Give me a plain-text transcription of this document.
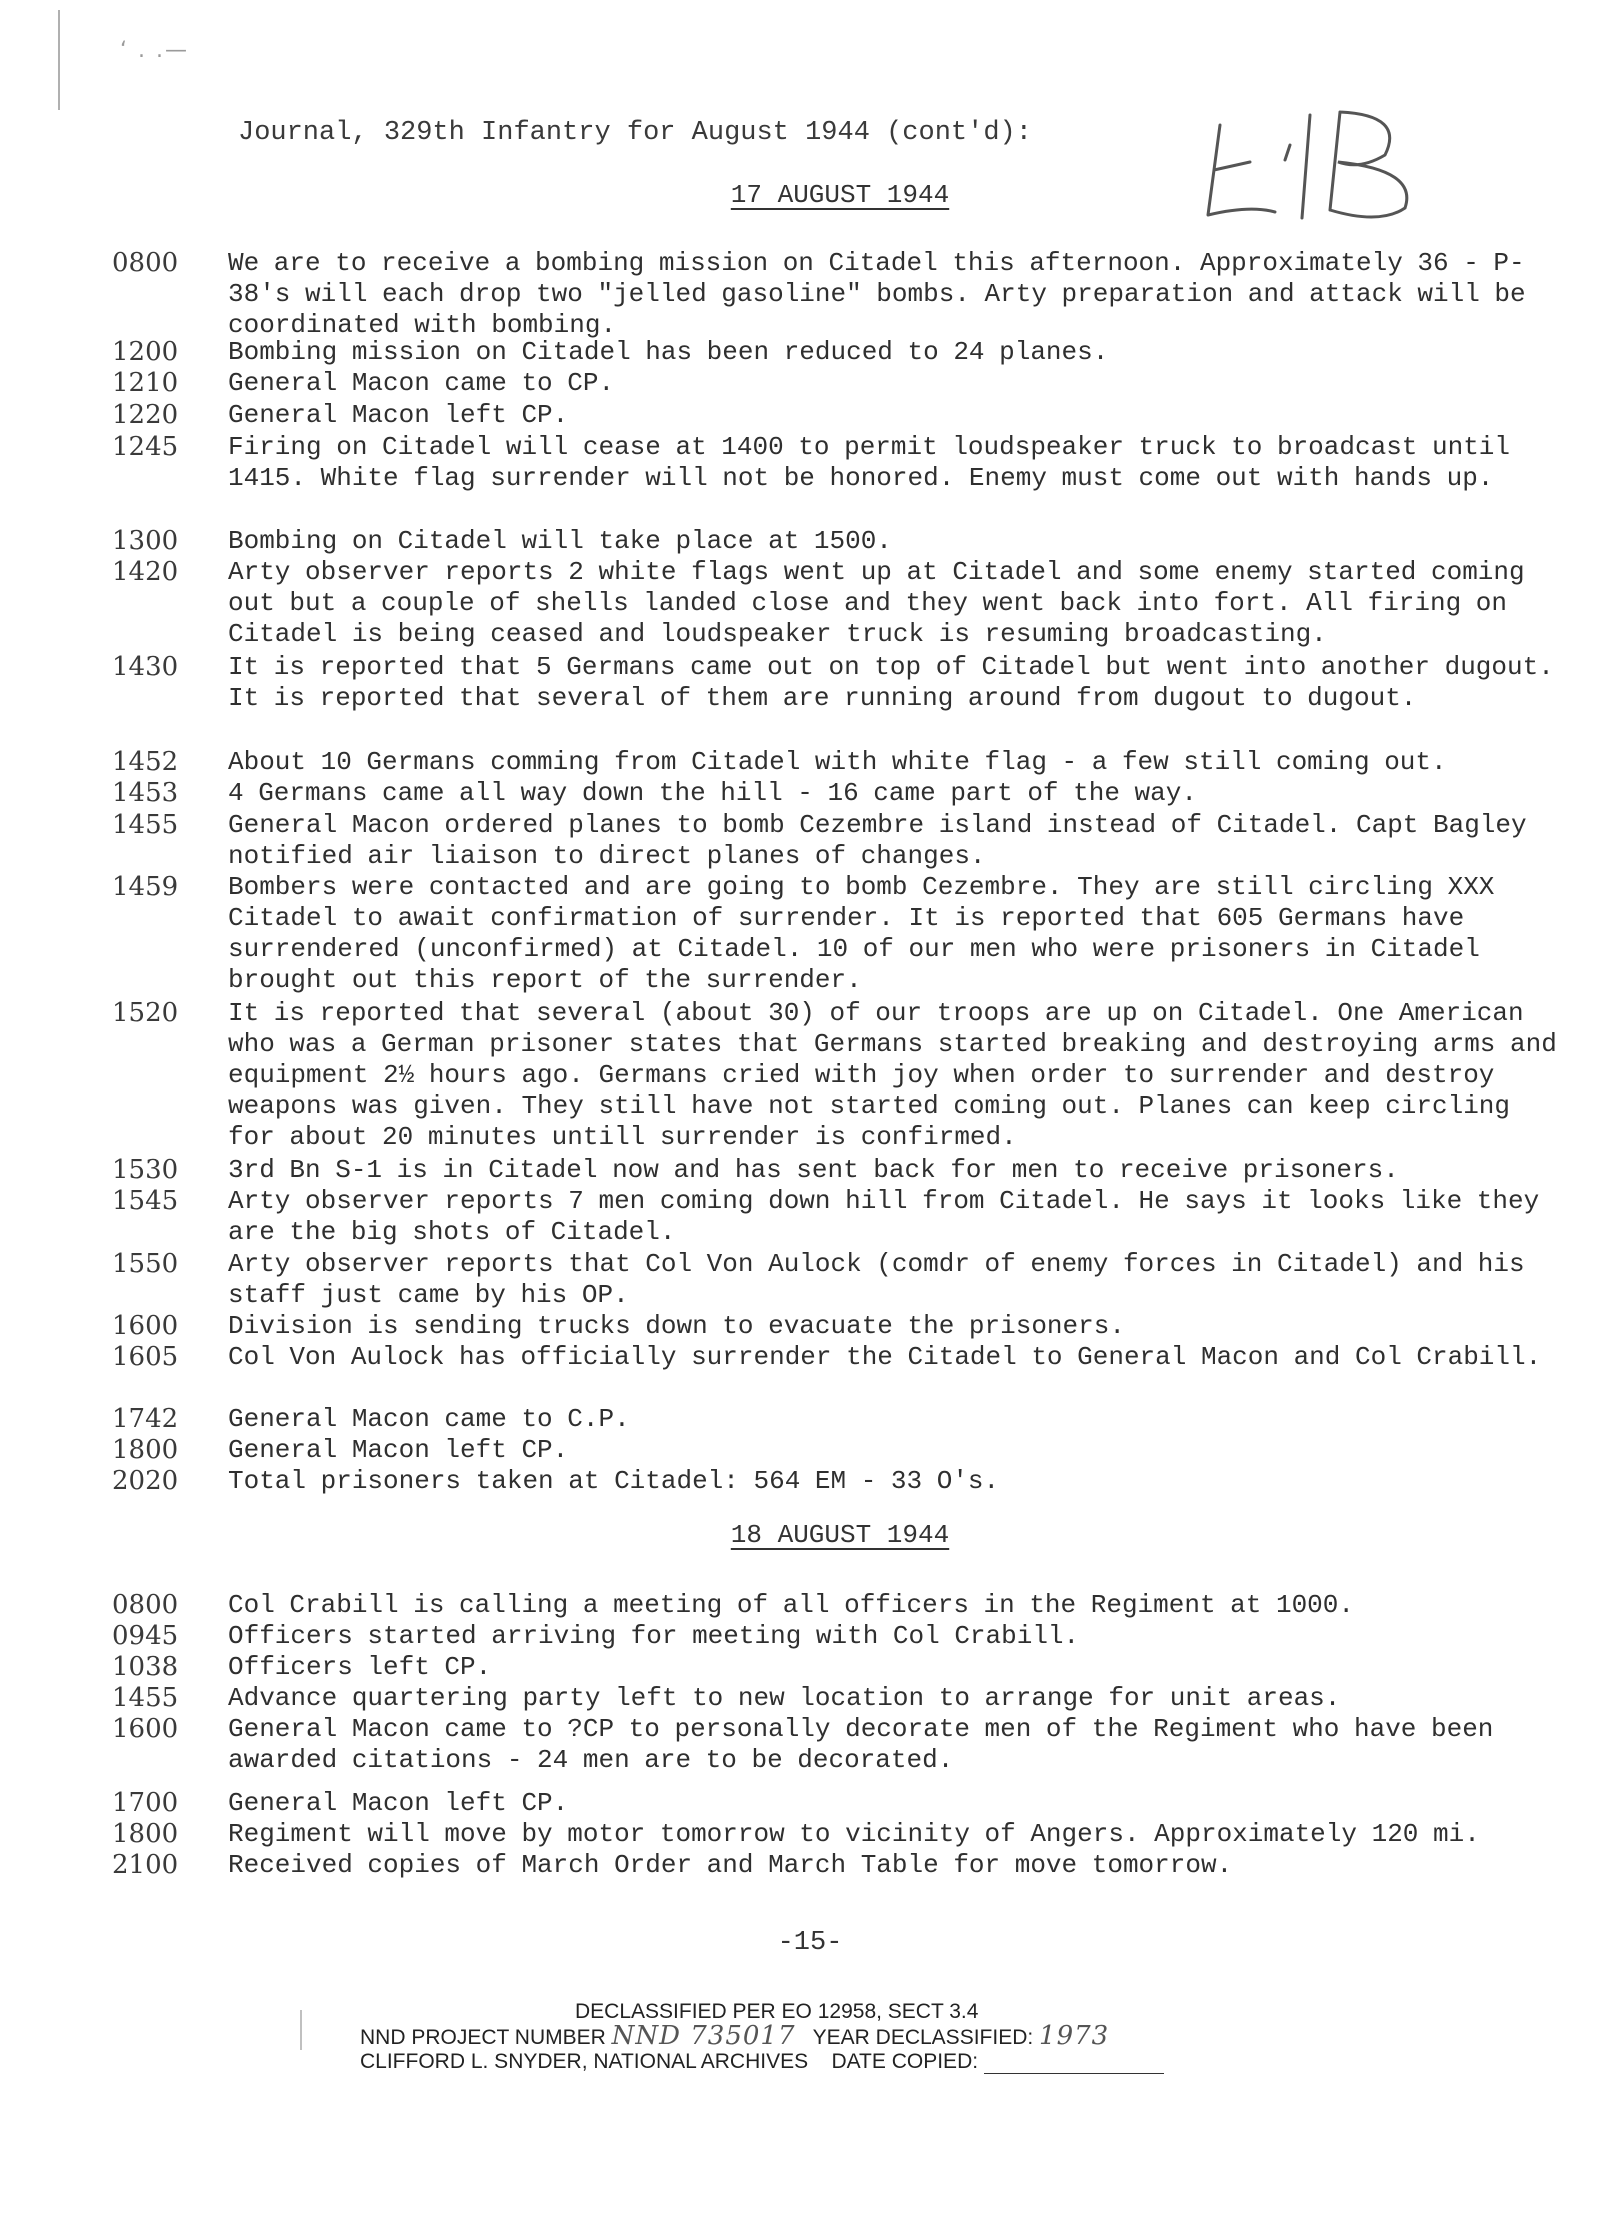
‘ . .—
Journal, 329th Infantry for August 1944 (cont'd):
17 AUGUST 1944
0800	We are to receive a bombing mission on Citadel this afternoon. Approximately 36 - P-38's will each drop two "jelled gasoline" bombs. Arty preparation and attack will be coordinated with bombing.
1200	Bombing mission on Citadel has been reduced to 24 planes.
1210	General Macon came to CP.
1220	General Macon left CP.
1245	Firing on Citadel will cease at 1400 to permit loudspeaker truck to broadcast until 1415. White flag surrender will not be honored. Enemy must come out with hands up.
1300	Bombing on Citadel will take place at 1500.
1420	Arty observer reports 2 white flags went up at Citadel and some enemy started coming out but a couple of shells landed close and they went back into fort. All firing on Citadel is being ceased and loudspeaker truck is resuming broadcasting.
1430	It is reported that 5 Germans came out on top of Citadel but went into another dugout. It is reported that several of them are running around from dugout to dugout.
1452	About 10 Germans comming from Citadel with white flag - a few still coming out.
1453	4 Germans came all way down the hill - 16 came part of the way.
1455	General Macon ordered planes to bomb Cezembre island instead of Citadel. Capt Bagley notified air liaison to direct planes of changes.
1459	Bombers were contacted and are going to bomb Cezembre. They are still circling XXX Citadel to await confirmation of surrender. It is reported that 605 Germans have surrendered (unconfirmed) at Citadel. 10 of our men who were prisoners in Citadel brought out this report of the surrender.
1520	It is reported that several (about 30) of our troops are up on Citadel. One American who was a German prisoner states that Germans started breaking and destroying arms and equipment 2½ hours ago. Germans cried with joy when order to surrender and destroy weapons was given. They still have not started coming out. Planes can keep circling for about 20 minutes untill surrender is confirmed.
1530	3rd Bn S-1 is in Citadel now and has sent back for men to receive prisoners.
1545	Arty observer reports 7 men coming down hill from Citadel. He says it looks like they are the big shots of Citadel.
1550	Arty observer reports that Col Von Aulock (comdr of enemy forces in Citadel) and his staff just came by his OP.
1600	Division is sending trucks down to evacuate the prisoners.
1605	Col Von Aulock has officially surrender the Citadel to General Macon and Col Crabill.
1742	General Macon came to C.P.
1800	General Macon left CP.
2020	Total prisoners taken at Citadel: 564 EM - 33 O's.
18 AUGUST 1944
0800	Col Crabill is calling a meeting of all officers in the Regiment at 1000.
0945	Officers started arriving for meeting with Col Crabill.
1038	Officers left CP.
1455	Advance quartering party left to new location to arrange for unit areas.
1600	General Macon came to ?CP to personally decorate men of the Regiment who have been awarded citations - 24 men are to be decorated.
1700	General Macon left CP.
1800	Regiment will move by motor tomorrow to vicinity of Angers. Approximately 120 mi.
2100	Received copies of March Order and March Table for move tomorrow.
-15-
DECLASSIFIED PER EO 12958, SECT 3.4
NND PROJECT NUMBER NND 735017 YEAR DECLASSIFIED: 1973
CLIFFORD L. SNYDER, NATIONAL ARCHIVES DATE COPIED:
